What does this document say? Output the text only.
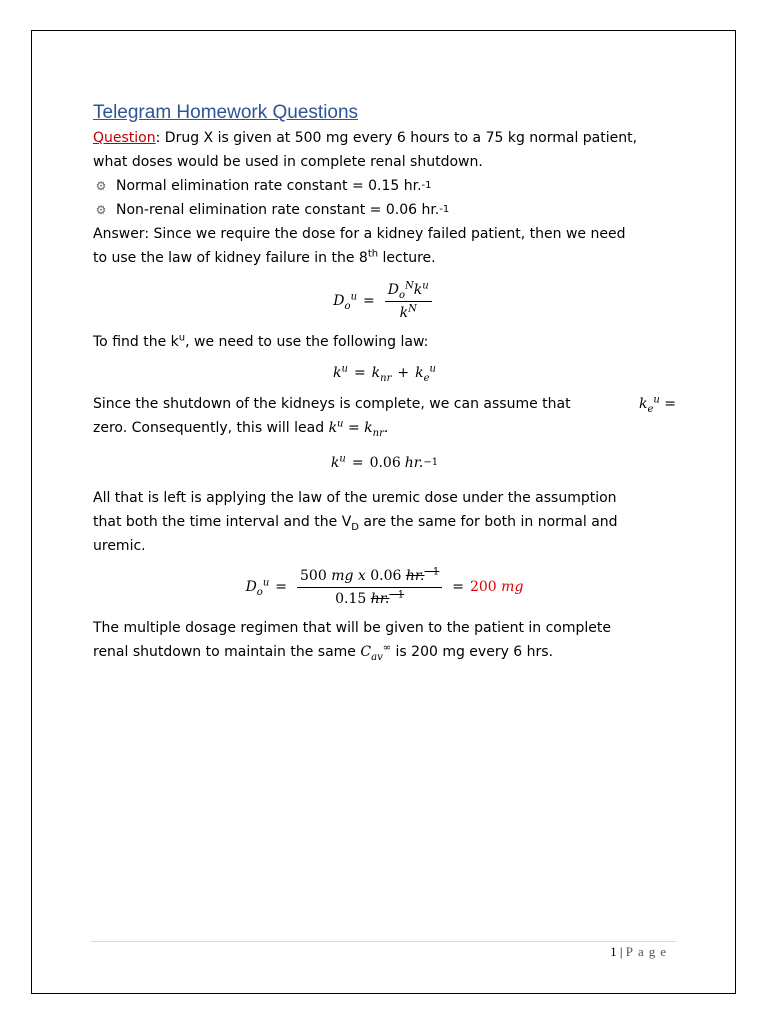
Telegram Homework Questions

Question: Drug X is given at 500 mg every 6 hours to a 75 kg normal patient,

what doses would be used in complete renal shutdown.

⚙ Normal elimination rate constant = 0.15 hr. -1
⚙ Non-renal elimination rate constant = 0.06 hr. -1

Answer: Since we require the dose for a kidney failed patient, then we need

to use the law of kidney failure in the 8th lecture.

$D_o^u = \frac{D_o^Nk^u}{k^N}$

To find the $k^u$, we need to use the following law:

$k^u = k_{nr} + k_e^u$

Since the shutdown of the kidneys is complete, we can assume that	$k_e^u$ =

zero. Consequently, this will lead $k^u = k_{nr}$.

$k^u = 0.06$ hr. −1

All that is left is applying the law of the uremic dose under the assumption

that both the time interval and the $V_D$ are the same for both in normal and

uremic.

$D_o^u = \frac{500 mg x 0.06 hr.^{-1}}{0.15 hr.^{-1}} = 200$ mg

The multiple dosage regimen that will be given to the patient in complete

renal shutdown to maintain the same $C_{av}^\infty$ is 200 mg every 6 hrs.

1 | Page
